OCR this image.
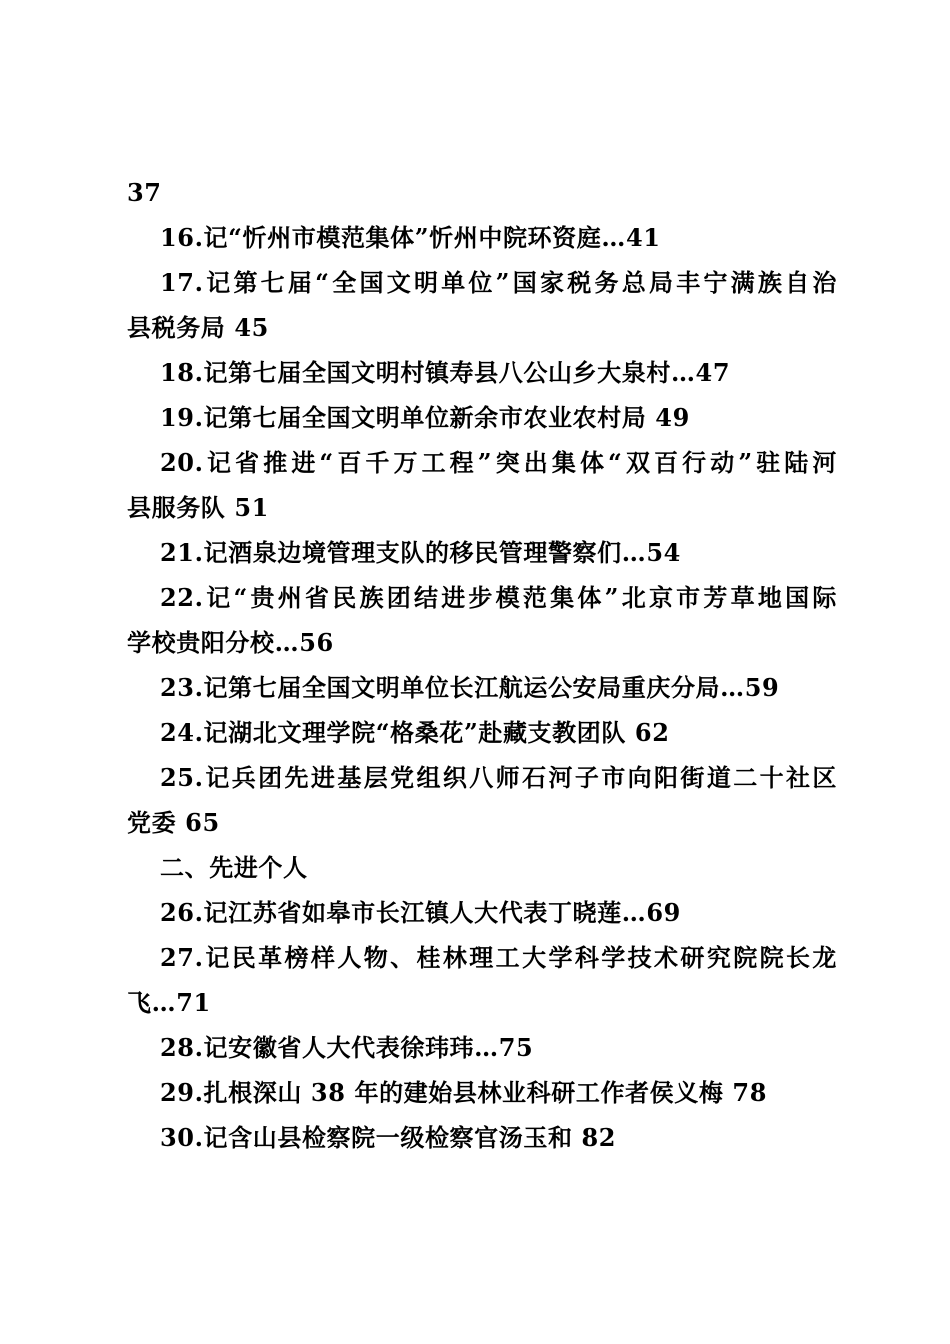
37
16.记“忻州市模范集体”忻州中院环资庭…41
17.记第七届“全国文明单位”国家税务总局丰宁满族自治
县税务局 45
18.记第七届全国文明村镇寿县八公山乡大泉村…47
19.记第七届全国文明单位新余市农业农村局 49
20.记省推进“百千万工程”突出集体“双百行动”驻陆河
县服务队 51
21.记酒泉边境管理支队的移民管理警察们…54
22.记“贵州省民族团结进步模范集体”北京市芳草地国际
学校贵阳分校…56
23.记第七届全国文明单位长江航运公安局重庆分局…59
24.记湖北文理学院“格桑花”赴藏支教团队 62
25.记兵团先进基层党组织八师石河子市向阳街道二十社区
党委 65
二、先进个人
26.记江苏省如皋市长江镇人大代表丁晓莲…69
27.记民革榜样人物、桂林理工大学科学技术研究院院长龙
飞…71
28.记安徽省人大代表徐玮玮…75
29.扎根深山 38 年的建始县林业科研工作者侯义梅 78
30.记含山县检察院一级检察官汤玉和 82
